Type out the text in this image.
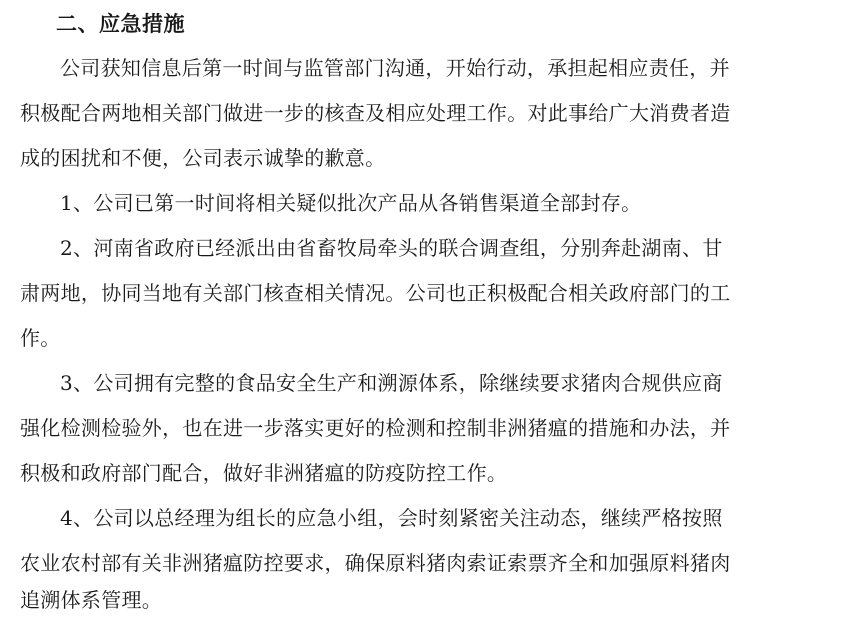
二、应急措施
公司获知信息后第一时间与监管部门沟通，开始行动，承担起相应责任，并
积极配合两地相关部门做进一步的核查及相应处理工作。对此事给广大消费者造
成的困扰和不便，公司表示诚挚的歉意。
1、公司已第一时间将相关疑似批次产品从各销售渠道全部封存。
2、河南省政府已经派出由省畜牧局牵头的联合调查组，分别奔赴湖南、甘
肃两地，协同当地有关部门核查相关情况。公司也正积极配合相关政府部门的工
作。
3、公司拥有完整的食品安全生产和溯源体系，除继续要求猪肉合规供应商
强化检测检验外，也在进一步落实更好的检测和控制非洲猪瘟的措施和办法，并
积极和政府部门配合，做好非洲猪瘟的防疫防控工作。
4、公司以总经理为组长的应急小组，会时刻紧密关注动态，继续严格按照
农业农村部有关非洲猪瘟防控要求，确保原料猪肉索证索票齐全和加强原料猪肉
追溯体系管理。
